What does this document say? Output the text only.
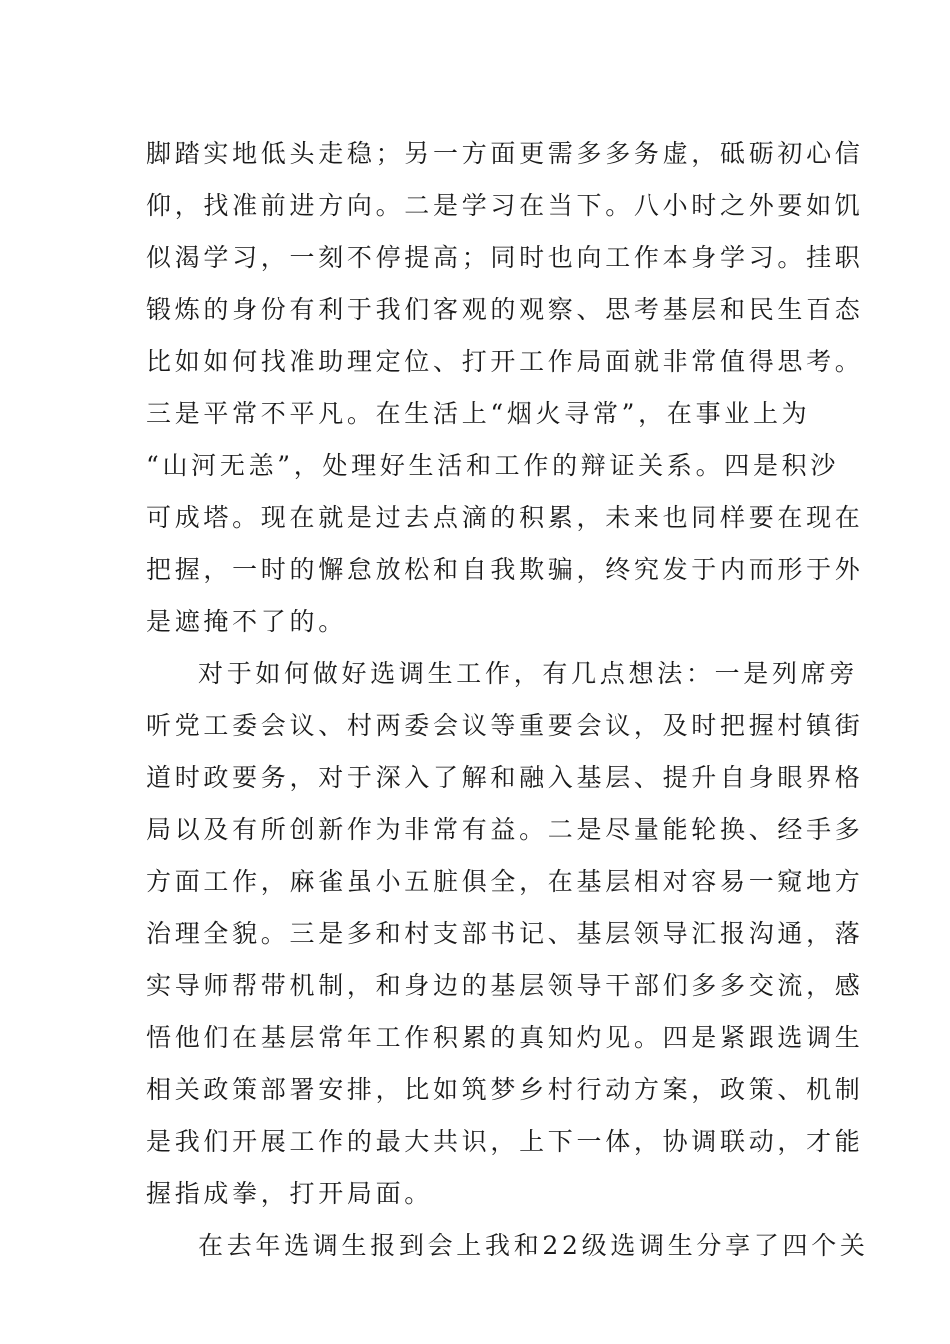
脚踏实地低头走稳；另一方面更需多多务虚，砥砺初心信
仰，找准前进方向。二是学习在当下。八小时之外要如饥
似渴学习，一刻不停提高；同时也向工作本身学习。挂职
锻炼的身份有利于我们客观的观察、思考基层和民生百态
比如如何找准助理定位、打开工作局面就非常值得思考。
三是平常不平凡。在生活上“烟火寻常”，在事业上为
“山河无恙”，处理好生活和工作的辩证关系。四是积沙
可成塔。现在就是过去点滴的积累，未来也同样要在现在
把握，一时的懈怠放松和自我欺骗，终究发于内而形于外
是遮掩不了的。
对于如何做好选调生工作，有几点想法：一是列席旁
听党工委会议、村两委会议等重要会议，及时把握村镇街
道时政要务，对于深入了解和融入基层、提升自身眼界格
局以及有所创新作为非常有益。二是尽量能轮换、经手多
方面工作，麻雀虽小五脏俱全，在基层相对容易一窥地方
治理全貌。三是多和村支部书记、基层领导汇报沟通，落
实导师帮带机制，和身边的基层领导干部们多多交流，感
悟他们在基层常年工作积累的真知灼见。四是紧跟选调生
相关政策部署安排，比如筑梦乡村行动方案，政策、机制
是我们开展工作的最大共识，上下一体，协调联动，才能
握指成拳，打开局面。
在去年选调生报到会上我和22级选调生分享了四个关
